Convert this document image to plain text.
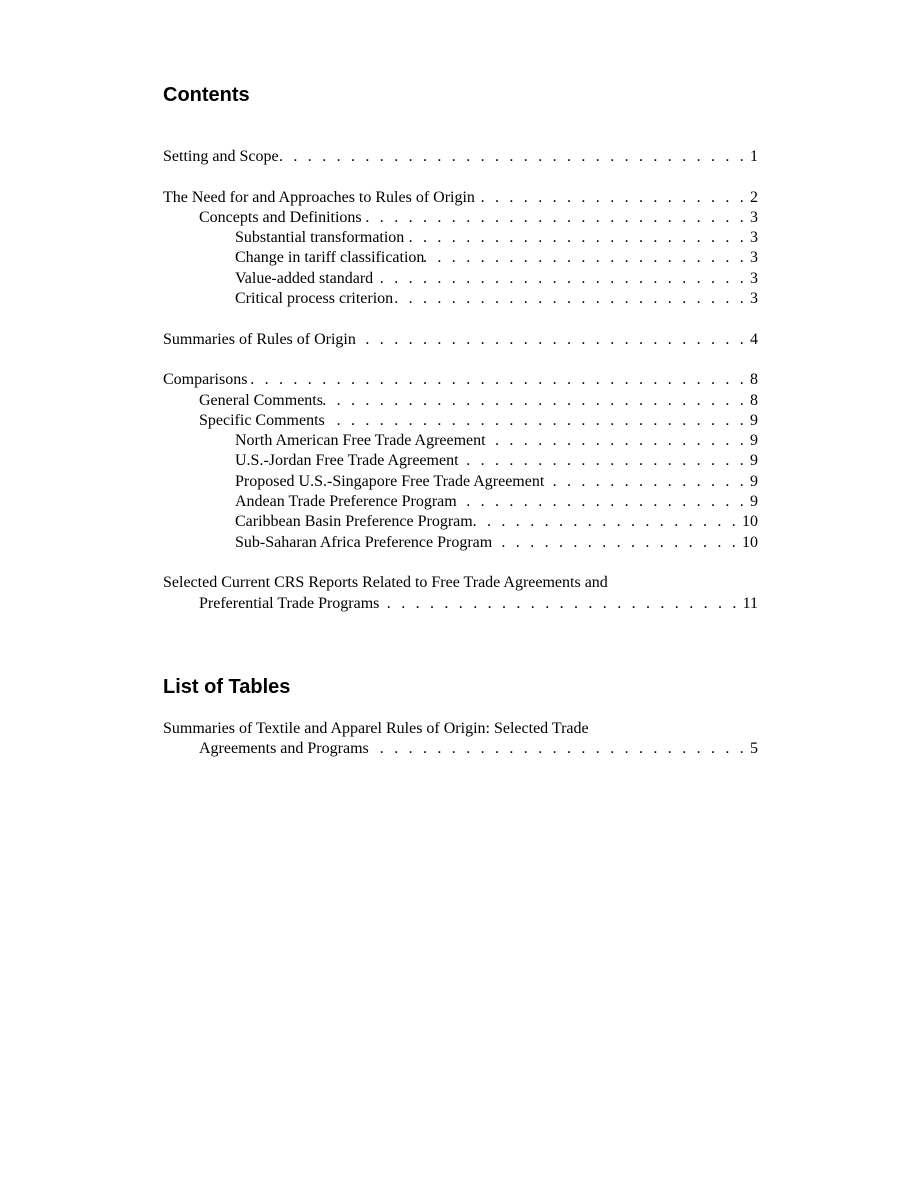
Contents
Setting and Scope . . .	1
The Need for and Approaches to Rules of Origin . . .	2
Concepts and Definitions . . .	3
Substantial transformation . . .	3
Change in tariff classification . . .	3
Value-added standard . . .	3
Critical process criterion . . .	3
Summaries of Rules of Origin . . .	4
Comparisons . . .	8
General Comments . . .	8
Specific Comments . . .	9
North American Free Trade Agreement . . .	9
U.S.-Jordan Free Trade Agreement . . .	9
Proposed U.S.-Singapore Free Trade Agreement . . .	9
Andean Trade Preference Program . . .	9
Caribbean Basin Preference Program . . .	10
Sub-Saharan Africa Preference Program . . .	10
Selected Current CRS Reports Related to Free Trade Agreements and
Preferential Trade Programs . . .	11
List of Tables
Summaries of Textile and Apparel Rules of Origin: Selected Trade
Agreements and Programs . . .	5
